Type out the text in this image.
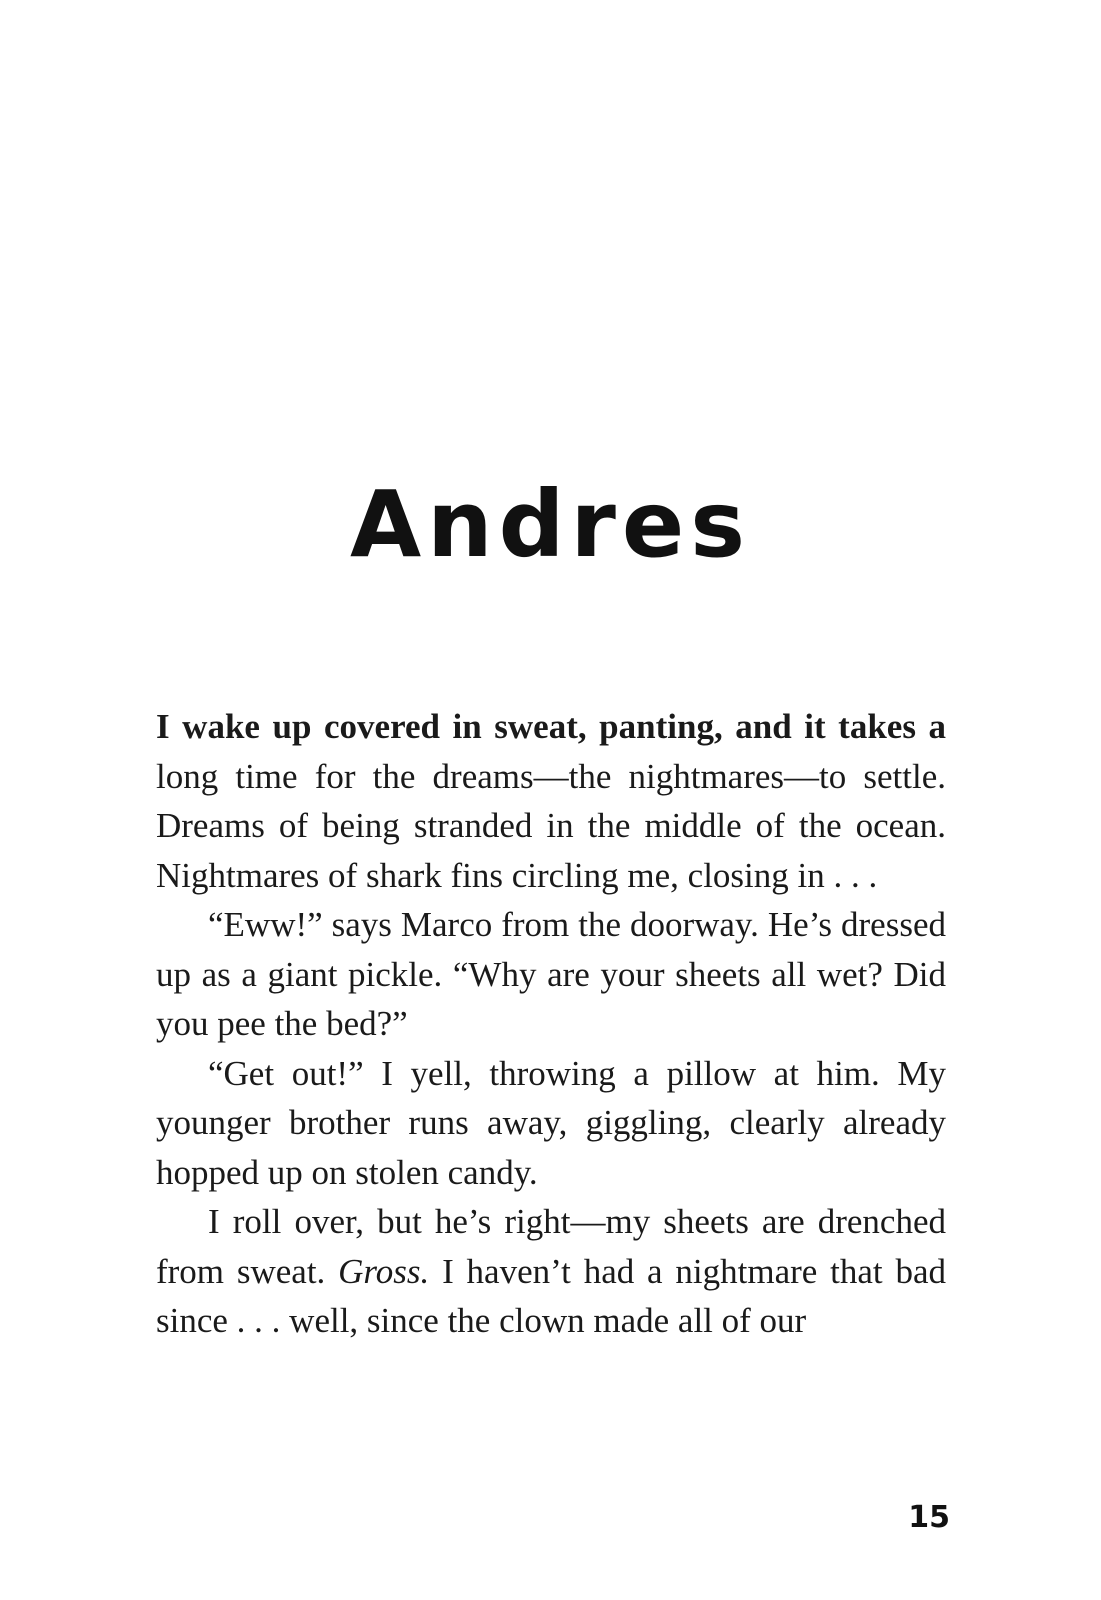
Andres

I wake up covered in sweat, panting, and it takes a long time for the dreams—the nightmares—to settle. Dreams of being stranded in the middle of the ocean. Nightmares of shark fins circling me, closing in . . .

“Eww!” says Marco from the doorway. He’s dressed up as a giant pickle. “Why are your sheets all wet? Did you pee the bed?”

“Get out!” I yell, throwing a pillow at him. My younger brother runs away, giggling, clearly already hopped up on stolen candy.

I roll over, but he’s right—my sheets are drenched from sweat. Gross. I haven’t had a nightmare that bad since . . . well, since the clown made all of our

15
